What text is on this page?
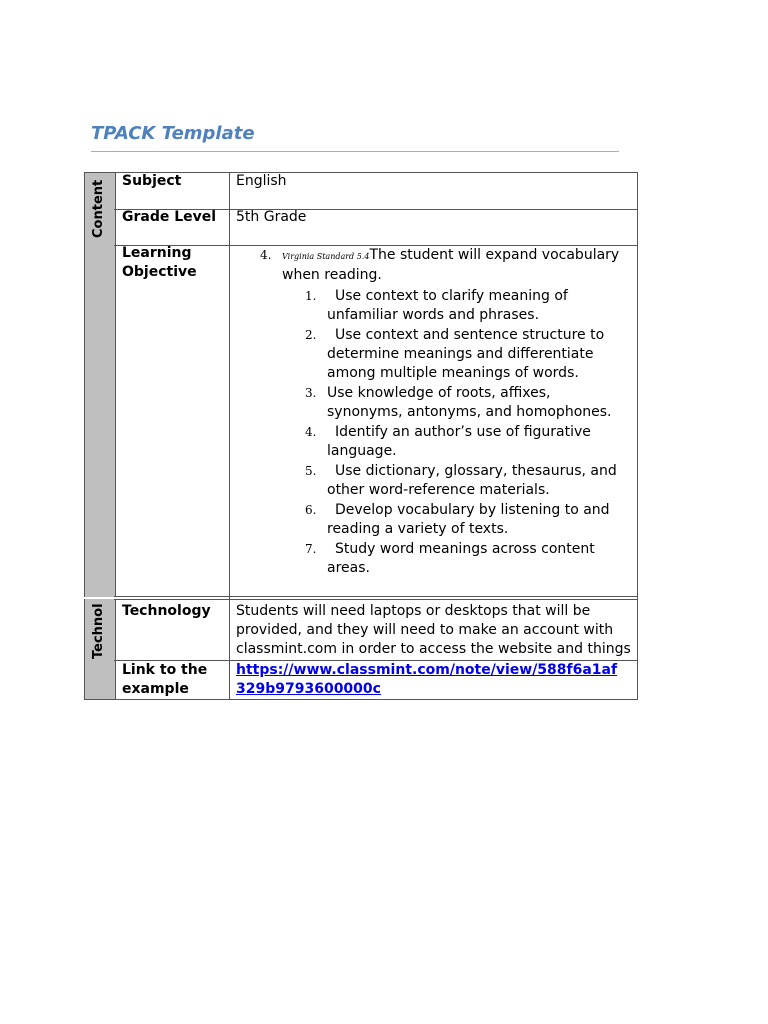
TPACK Template
Content
Technol
Subject	English
Grade Level 5th Grade
Learning
Objective
4. Virginia Standard 5.4The student will expand vocabulary when reading.
1. Use context to clarify meaning of unfamiliar words and phrases.
2. Use context and sentence structure to determine meanings and differentiate among multiple meanings of words.
3. Use knowledge of roots, affixes, synonyms, antonyms, and homophones.
4. Identify an author’s use of figurative language.
5. Use dictionary, glossary, thesaurus, and other word-reference materials.
6. Develop vocabulary by listening to and reading a variety of texts.
7. Study word meanings across content areas.
Technology Students will need laptops or desktops that will be provided, and they will need to make an account with classmint.com in order to access the website and things
Link to the
example
https://www.classmint.com/note/view/588f6a1af329b9793600000c
